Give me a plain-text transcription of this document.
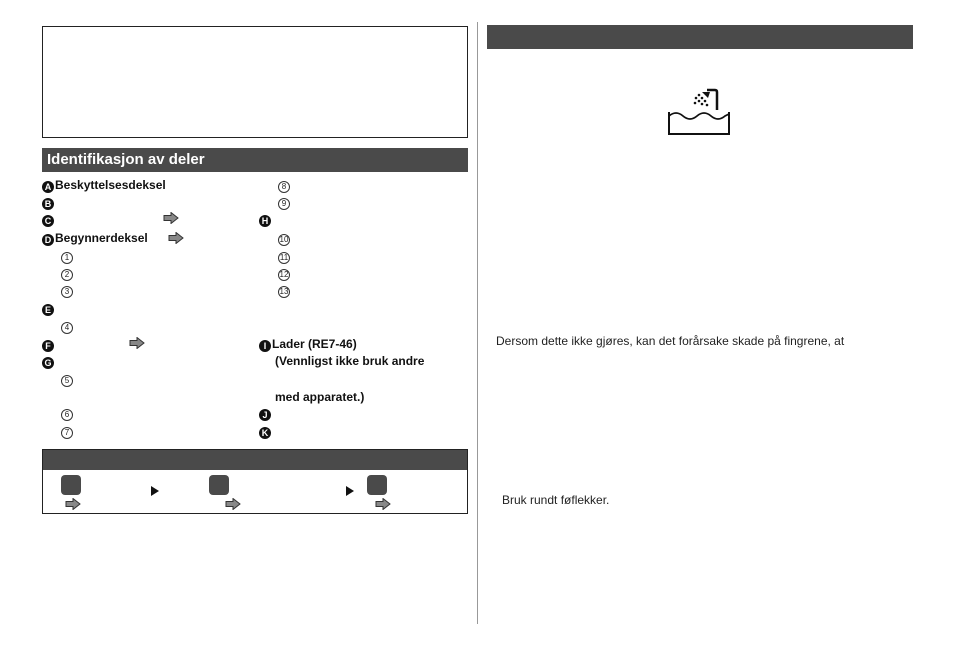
Identifikasjon av deler
A Beskyttelsesdeksel
B
C
D Begynnerdeksel
1
2
3
E
4
F
G
5
6
7
8
9
H
10
11
12
13
I Lader (RE7-46)
(Vennligst ikke bruk andre
med apparatet.)
J
K
Dersom dette ikke gjøres, kan det forårsake skade på fingrene, at
Bruk rundt føflekker.
